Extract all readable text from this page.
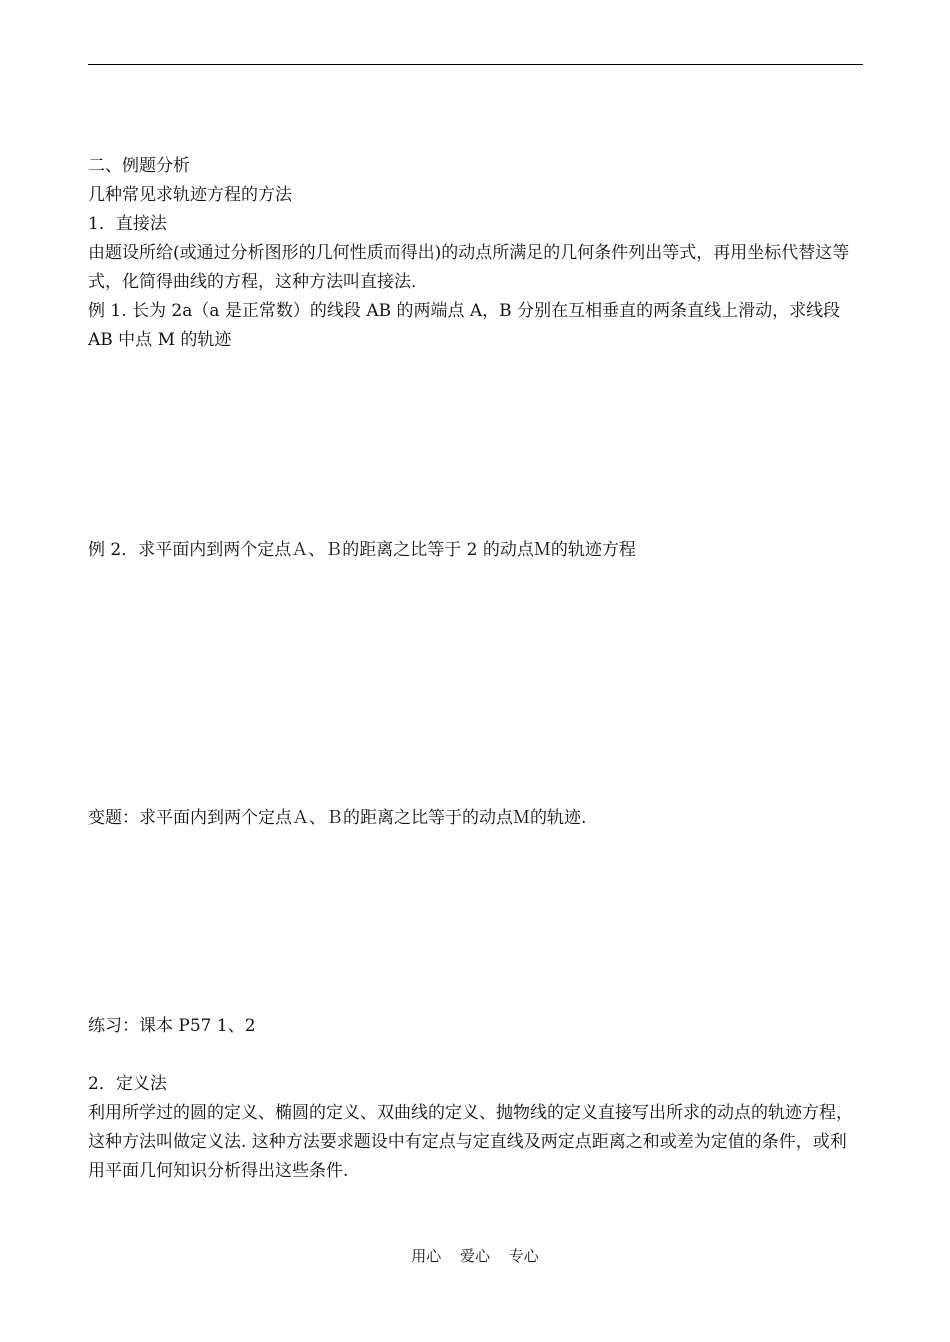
二、例题分析

几种常见求轨迹方程的方法

1．直接法

由题设所给(或通过分析图形的几何性质而得出)的动点所满足的几何条件列出等式，再用坐标代替这等式，化简得曲线的方程，这种方法叫直接法．

例 1. 长为 2a（a 是正常数）的线段 AB 的两端点 A，B 分别在互相垂直的两条直线上滑动，求线段 AB 中点 M 的轨迹

例 2．求平面内到两个定点Ａ、Ｂ的距离之比等于 2 的动点Ｍ的轨迹方程

变题：求平面内到两个定点Ａ、Ｂ的距离之比等于的动点Ｍ的轨迹.

练习：课本 P57 1、2

2．定义法

利用所学过的圆的定义、椭圆的定义、双曲线的定义、抛物线的定义直接写出所求的动点的轨迹方程，这种方法叫做定义法. 这种方法要求题设中有定点与定直线及两定点距离之和或差为定值的条件，或利用平面几何知识分析得出这些条件.

用心 爱心 专心
